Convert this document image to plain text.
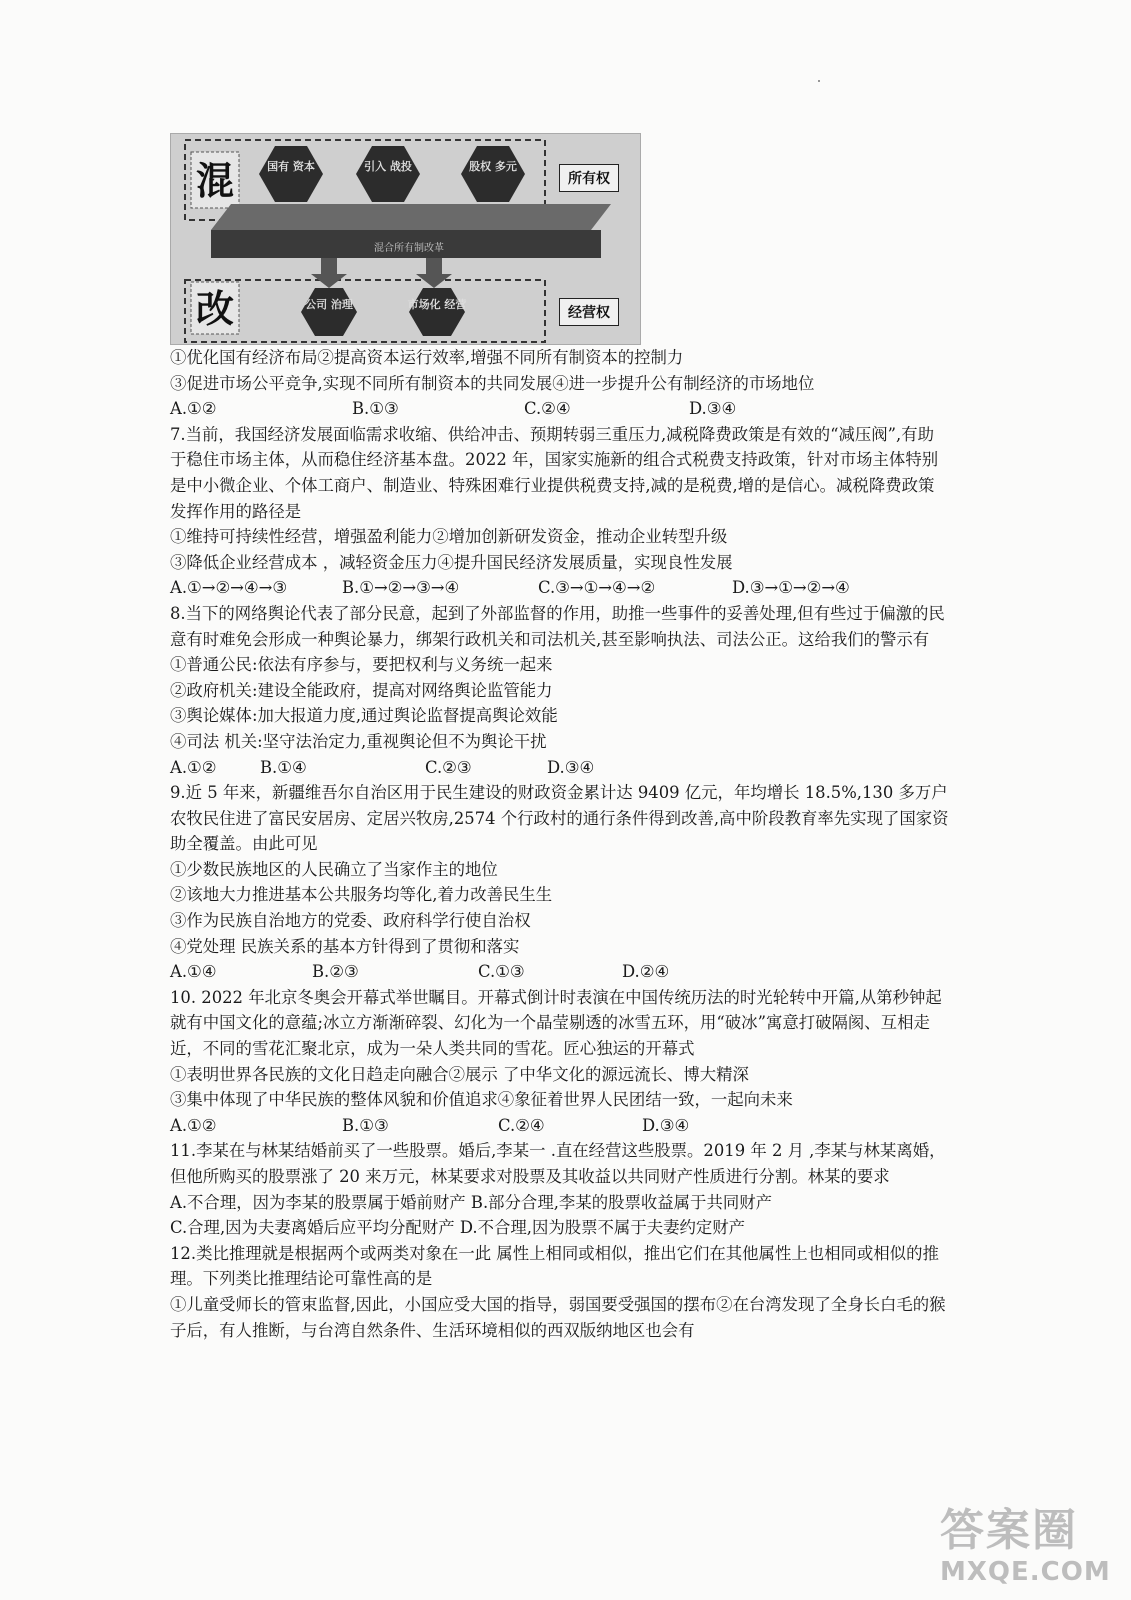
混
改
所有权
经营权
国有 资本	引入 战投	股权 多元
混合所有制改革
公司 治理	市场化 经营

①优化国有经济布局②提高资本运行效率,增强不同所有制资本的控制力

③促进市场公平竞争,实现不同所有制资本的共同发展④进一步提升公有制经济的市场地位

A.①②	B.①③	C.②④	D.③④

7.当前，我国经济发展面临需求收缩、供给冲击、预期转弱三重压力,减税降费政策是有效的“减压阀”,有助于稳住市场主体，从而稳住经济基本盘。2022 年，国家实施新的组合式税费支持政策，针对市场主体特别是中小微企业、个体工商户、制造业、特殊困难行业提供税费支持,减的是税费,增的是信心。减税降费政策发挥作用的路径是

①维持可持续性经营，增强盈利能力②增加创新研发资金，推动企业转型升级

③降低企业经营成本 ，减轻资金压力④提升国民经济发展质量，实现良性发展

A.①→②→④→③	B.①→②→③→④	C.③→①→④→②	D.③→①→②→④

8.当下的网络舆论代表了部分民意，起到了外部监督的作用，助推一些事件的妥善处理,但有些过于偏激的民意有时难免会形成一种舆论暴力，绑架行政机关和司法机关,甚至影响执法、司法公正。这给我们的警示有

①普通公民:依法有序参与，要把权利与义务统一起来

②政府机关:建设全能政府，提高对网络舆论监管能力

③舆论媒体:加大报道力度,通过舆论监督提高舆论效能

④司法 机关:坚守法治定力,重视舆论但不为舆论干扰

A.①②	B.①④	C.②③	D.③④

9.近 5 年来，新疆维吾尔自治区用于民生建设的财政资金累计达 9409 亿元，年均增长 18.5%,130 多万户农牧民住进了富民安居房、定居兴牧房,2574 个行政村的通行条件得到改善,高中阶段教育率先实现了国家资助全覆盖。由此可见

①少数民族地区的人民确立了当家作主的地位

②该地大力推进基本公共服务均等化,着力改善民生生

③作为民族自治地方的党委、政府科学行使自治权

④党处理 民族关系的基本方针得到了贯彻和落实

A.①④	B.②③	C.①③	D.②④

10. 2022 年北京冬奥会开幕式举世瞩目。开幕式倒计时表演在中国传统历法的时光轮转中开篇,从第秒钟起就有中国文化的意蕴;冰立方渐渐碎裂、幻化为一个晶莹剔透的冰雪五环，用“破冰”寓意打破隔阂、互相走近，不同的雪花汇聚北京，成为一朵人类共同的雪花。匠心独运的开幕式

①表明世界各民族的文化日趋走向融合②展示 了中华文化的源远流长、博大精深

③集中体现了中华民族的整体风貌和价值追求④象征着世界人民团结一致，一起向未来

A.①②	B.①③	C.②④	D.③④

11.李某在与林某结婚前买了一些股票。婚后,李某一 .直在经营这些股票。2019 年 2 月 ,李某与林某离婚，但他所购买的股票涨了 20 来万元，林某要求对股票及其收益以共同财产性质进行分割。林某的要求

A.不合理，因为李某的股票属于婚前财产 B.部分合理,李某的股票收益属于共同财产

C.合理,因为夫妻离婚后应平均分配财产 D.不合理,因为股票不属于夫妻约定财产

12.类比推理就是根据两个或两类对象在一此 属性上相同或相似，推出它们在其他属性上也相同或相似的推理。下列类比推理结论可靠性高的是

①儿童受师长的管束监督,因此，小国应受大国的指导，弱国要受强国的摆布②在台湾发现了全身长白毛的猴子后，有人推断，与台湾自然条件、生活环境相似的西双版纳地区也会有

答案圈
MXQE.COM
